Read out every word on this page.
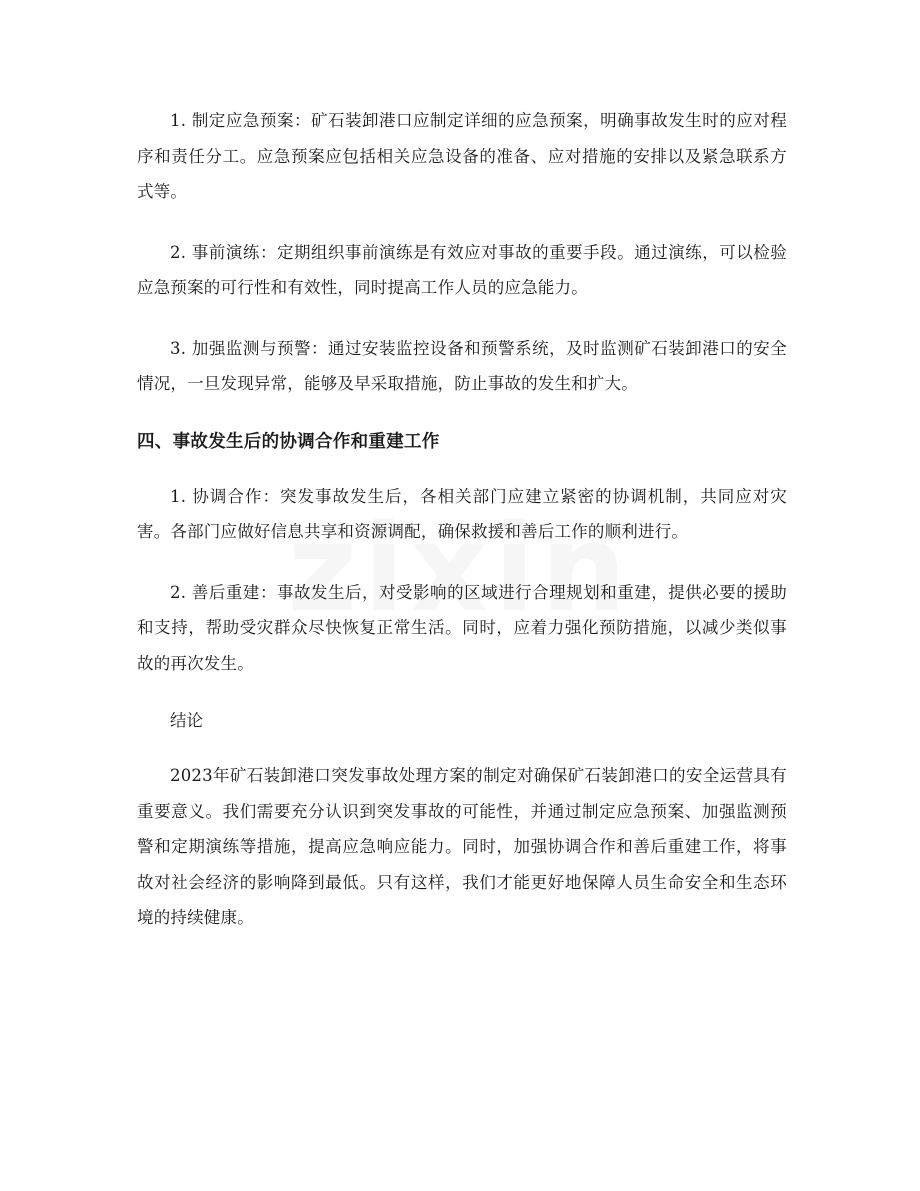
1. 制定应急预案：矿石装卸港口应制定详细的应急预案，明确事故发生时的应对程序和责任分工。应急预案应包括相关应急设备的准备、应对措施的安排以及紧急联系方式等。

2. 事前演练：定期组织事前演练是有效应对事故的重要手段。通过演练，可以检验应急预案的可行性和有效性，同时提高工作人员的应急能力。

3. 加强监测与预警：通过安装监控设备和预警系统，及时监测矿石装卸港口的安全情况，一旦发现异常，能够及早采取措施，防止事故的发生和扩大。

四、事故发生后的协调合作和重建工作

1. 协调合作：突发事故发生后，各相关部门应建立紧密的协调机制，共同应对灾害。各部门应做好信息共享和资源调配，确保救援和善后工作的顺利进行。

2. 善后重建：事故发生后，对受影响的区域进行合理规划和重建，提供必要的援助和支持，帮助受灾群众尽快恢复正常生活。同时，应着力强化预防措施，以减少类似事故的再次发生。

结论

2023年矿石装卸港口突发事故处理方案的制定对确保矿石装卸港口的安全运营具有重要意义。我们需要充分认识到突发事故的可能性，并通过制定应急预案、加强监测预警和定期演练等措施，提高应急响应能力。同时，加强协调合作和善后重建工作，将事故对社会经济的影响降到最低。只有这样，我们才能更好地保障人员生命安全和生态环境的持续健康。
